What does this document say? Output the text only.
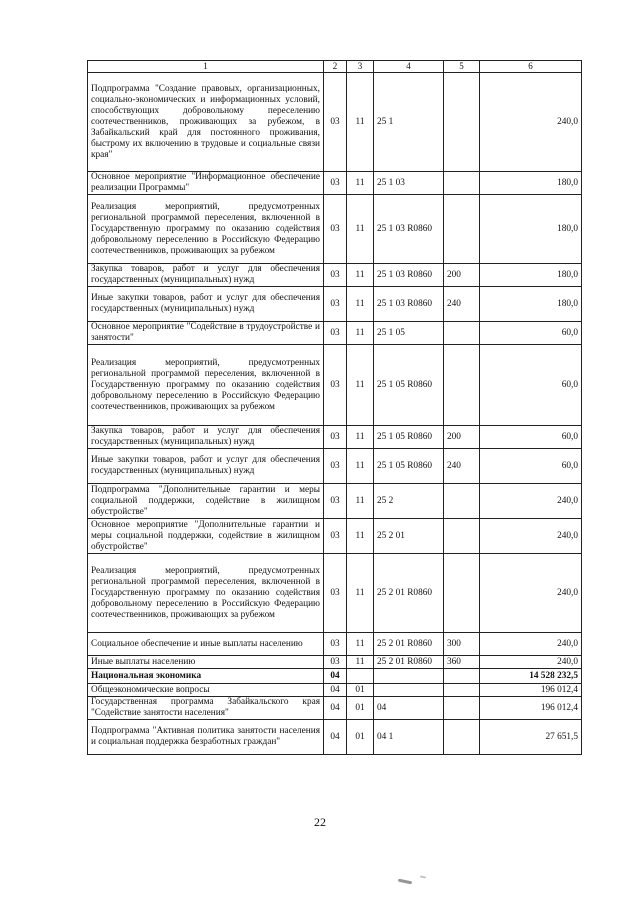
1	2	3	4	5	6
Подпрограмма "Создание правовых, организационных, социально-экономических и информационных условий, способствующих добровольному переселению соотечественников, проживающих за рубежом, в Забайкальский край для постоянного проживания, быстрому их включению в трудовые и социальные связи края"	03	11	25 1		240,0
Основное мероприятие "Информационное обеспечение реализации Программы"	03	11	25 1 03		180,0
Реализация мероприятий, предусмотренных региональной программой переселения, включенной в Государственную программу по оказанию содействия добровольному переселению в Российскую Федерацию соотечественников, проживающих за рубежом	03	11	25 1 03 R0860		180,0
Закупка товаров, работ и услуг для обеспечения государственных (муниципальных) нужд	03	11	25 1 03 R0860	200	180,0
Иные закупки товаров, работ и услуг для обеспечения государственных (муниципальных) нужд	03	11	25 1 03 R0860	240	180,0
Основное мероприятие "Содействие в трудоустройстве и занятости"	03	11	25 1 05		60,0
Реализация мероприятий, предусмотренных региональной программой переселения, включенной в Государственную программу по оказанию содействия добровольному переселению в Российскую Федерацию соотечественников, проживающих за рубежом	03	11	25 1 05 R0860		60,0
Закупка товаров, работ и услуг для обеспечения государственных (муниципальных) нужд	03	11	25 1 05 R0860	200	60,0
Иные закупки товаров, работ и услуг для обеспечения государственных (муниципальных) нужд	03	11	25 1 05 R0860	240	60,0
Подпрограмма "Дополнительные гарантии и меры социальной поддержки, содействие в жилищном обустройстве"	03	11	25 2		240,0
Основное мероприятие "Дополнительные гарантии и меры социальной поддержки, содействие в жилищном обустройстве"	03	11	25 2 01		240,0
Реализация мероприятий, предусмотренных региональной программой переселения, включенной в Государственную программу по оказанию содействия добровольному переселению в Российскую Федерацию соотечественников, проживающих за рубежом	03	11	25 2 01 R0860		240,0
Социальное обеспечение и иные выплаты населению	03	11	25 2 01 R0860	300	240,0
Иные выплаты населению	03	11	25 2 01 R0860	360	240,0
Национальная экономика	04				14 528 232,5
Общеэкономические вопросы	04	01			196 012,4
Государственная программа Забайкальского края "Содействие занятости населения"	04	01	04		196 012,4
Подпрограмма "Активная политика занятости населения и социальная поддержка безработных граждан"	04	01	04 1		27 651,5
22
